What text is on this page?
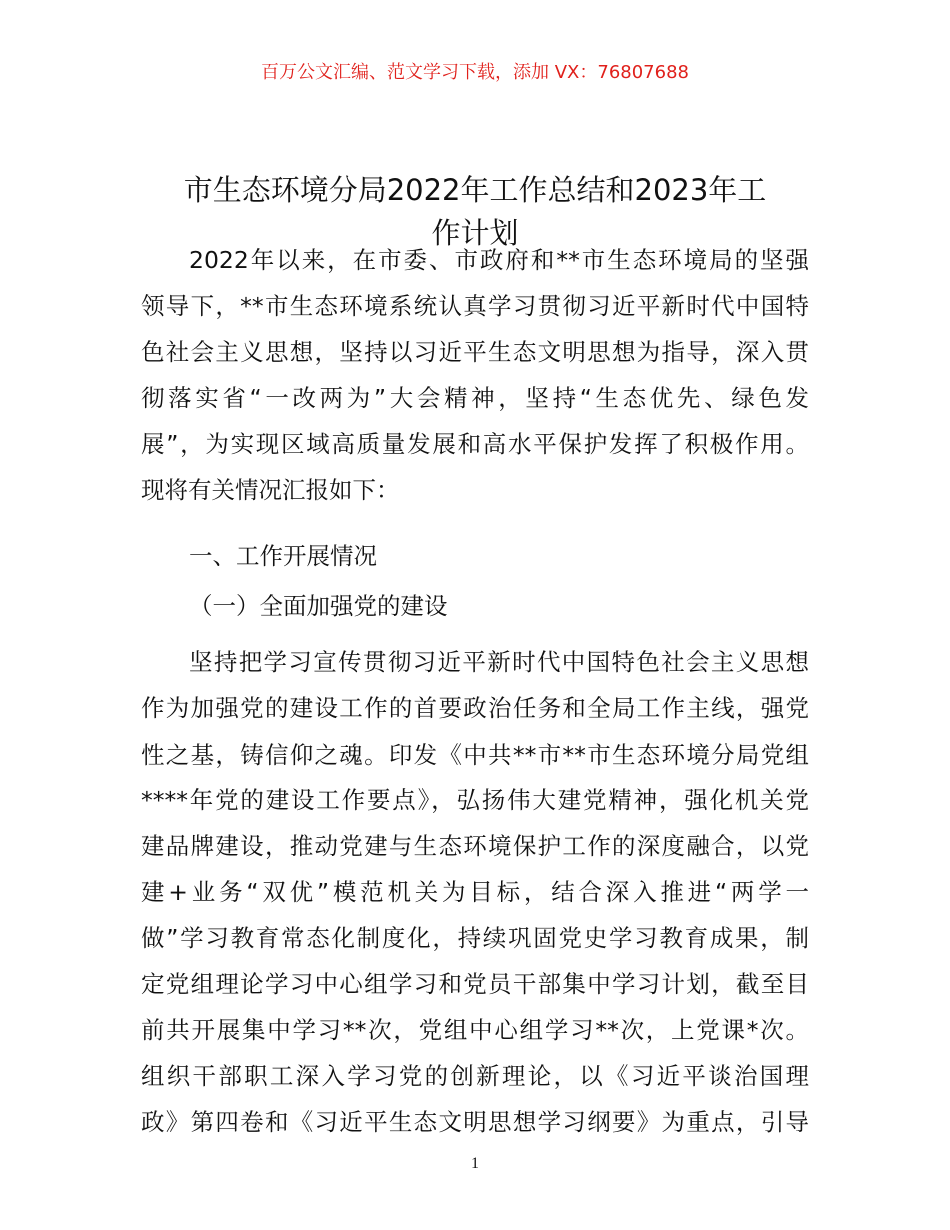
百万公文汇编、范文学习下载，添加 VX：76807688
市生态环境分局2022年工作总结和2023年工
作计划
2022年以来，在市委、市政府和**市生态环境局的坚强
领导下，**市生态环境系统认真学习贯彻习近平新时代中国特
色社会主义思想，坚持以习近平生态文明思想为指导，深入贯
彻落实省“一改两为”大会精神，坚持“生态优先、绿色发
展”，为实现区域高质量发展和高水平保护发挥了积极作用。
现将有关情况汇报如下：
一、工作开展情况
（一）全面加强党的建设
坚持把学习宣传贯彻习近平新时代中国特色社会主义思想
作为加强党的建设工作的首要政治任务和全局工作主线，强党
性之基，铸信仰之魂。印发《中共**市**市生态环境分局党组
****年党的建设工作要点》，弘扬伟大建党精神，强化机关党
建品牌建设，推动党建与生态环境保护工作的深度融合，以党
建+业务“双优”模范机关为目标，结合深入推进“两学一
做”学习教育常态化制度化，持续巩固党史学习教育成果，制
定党组理论学习中心组学习和党员干部集中学习计划，截至目
前共开展集中学习**次，党组中心组学习**次，上党课*次。
组织干部职工深入学习党的创新理论，以《习近平谈治国理
政》第四卷和《习近平生态文明思想学习纲要》为重点，引导
1
